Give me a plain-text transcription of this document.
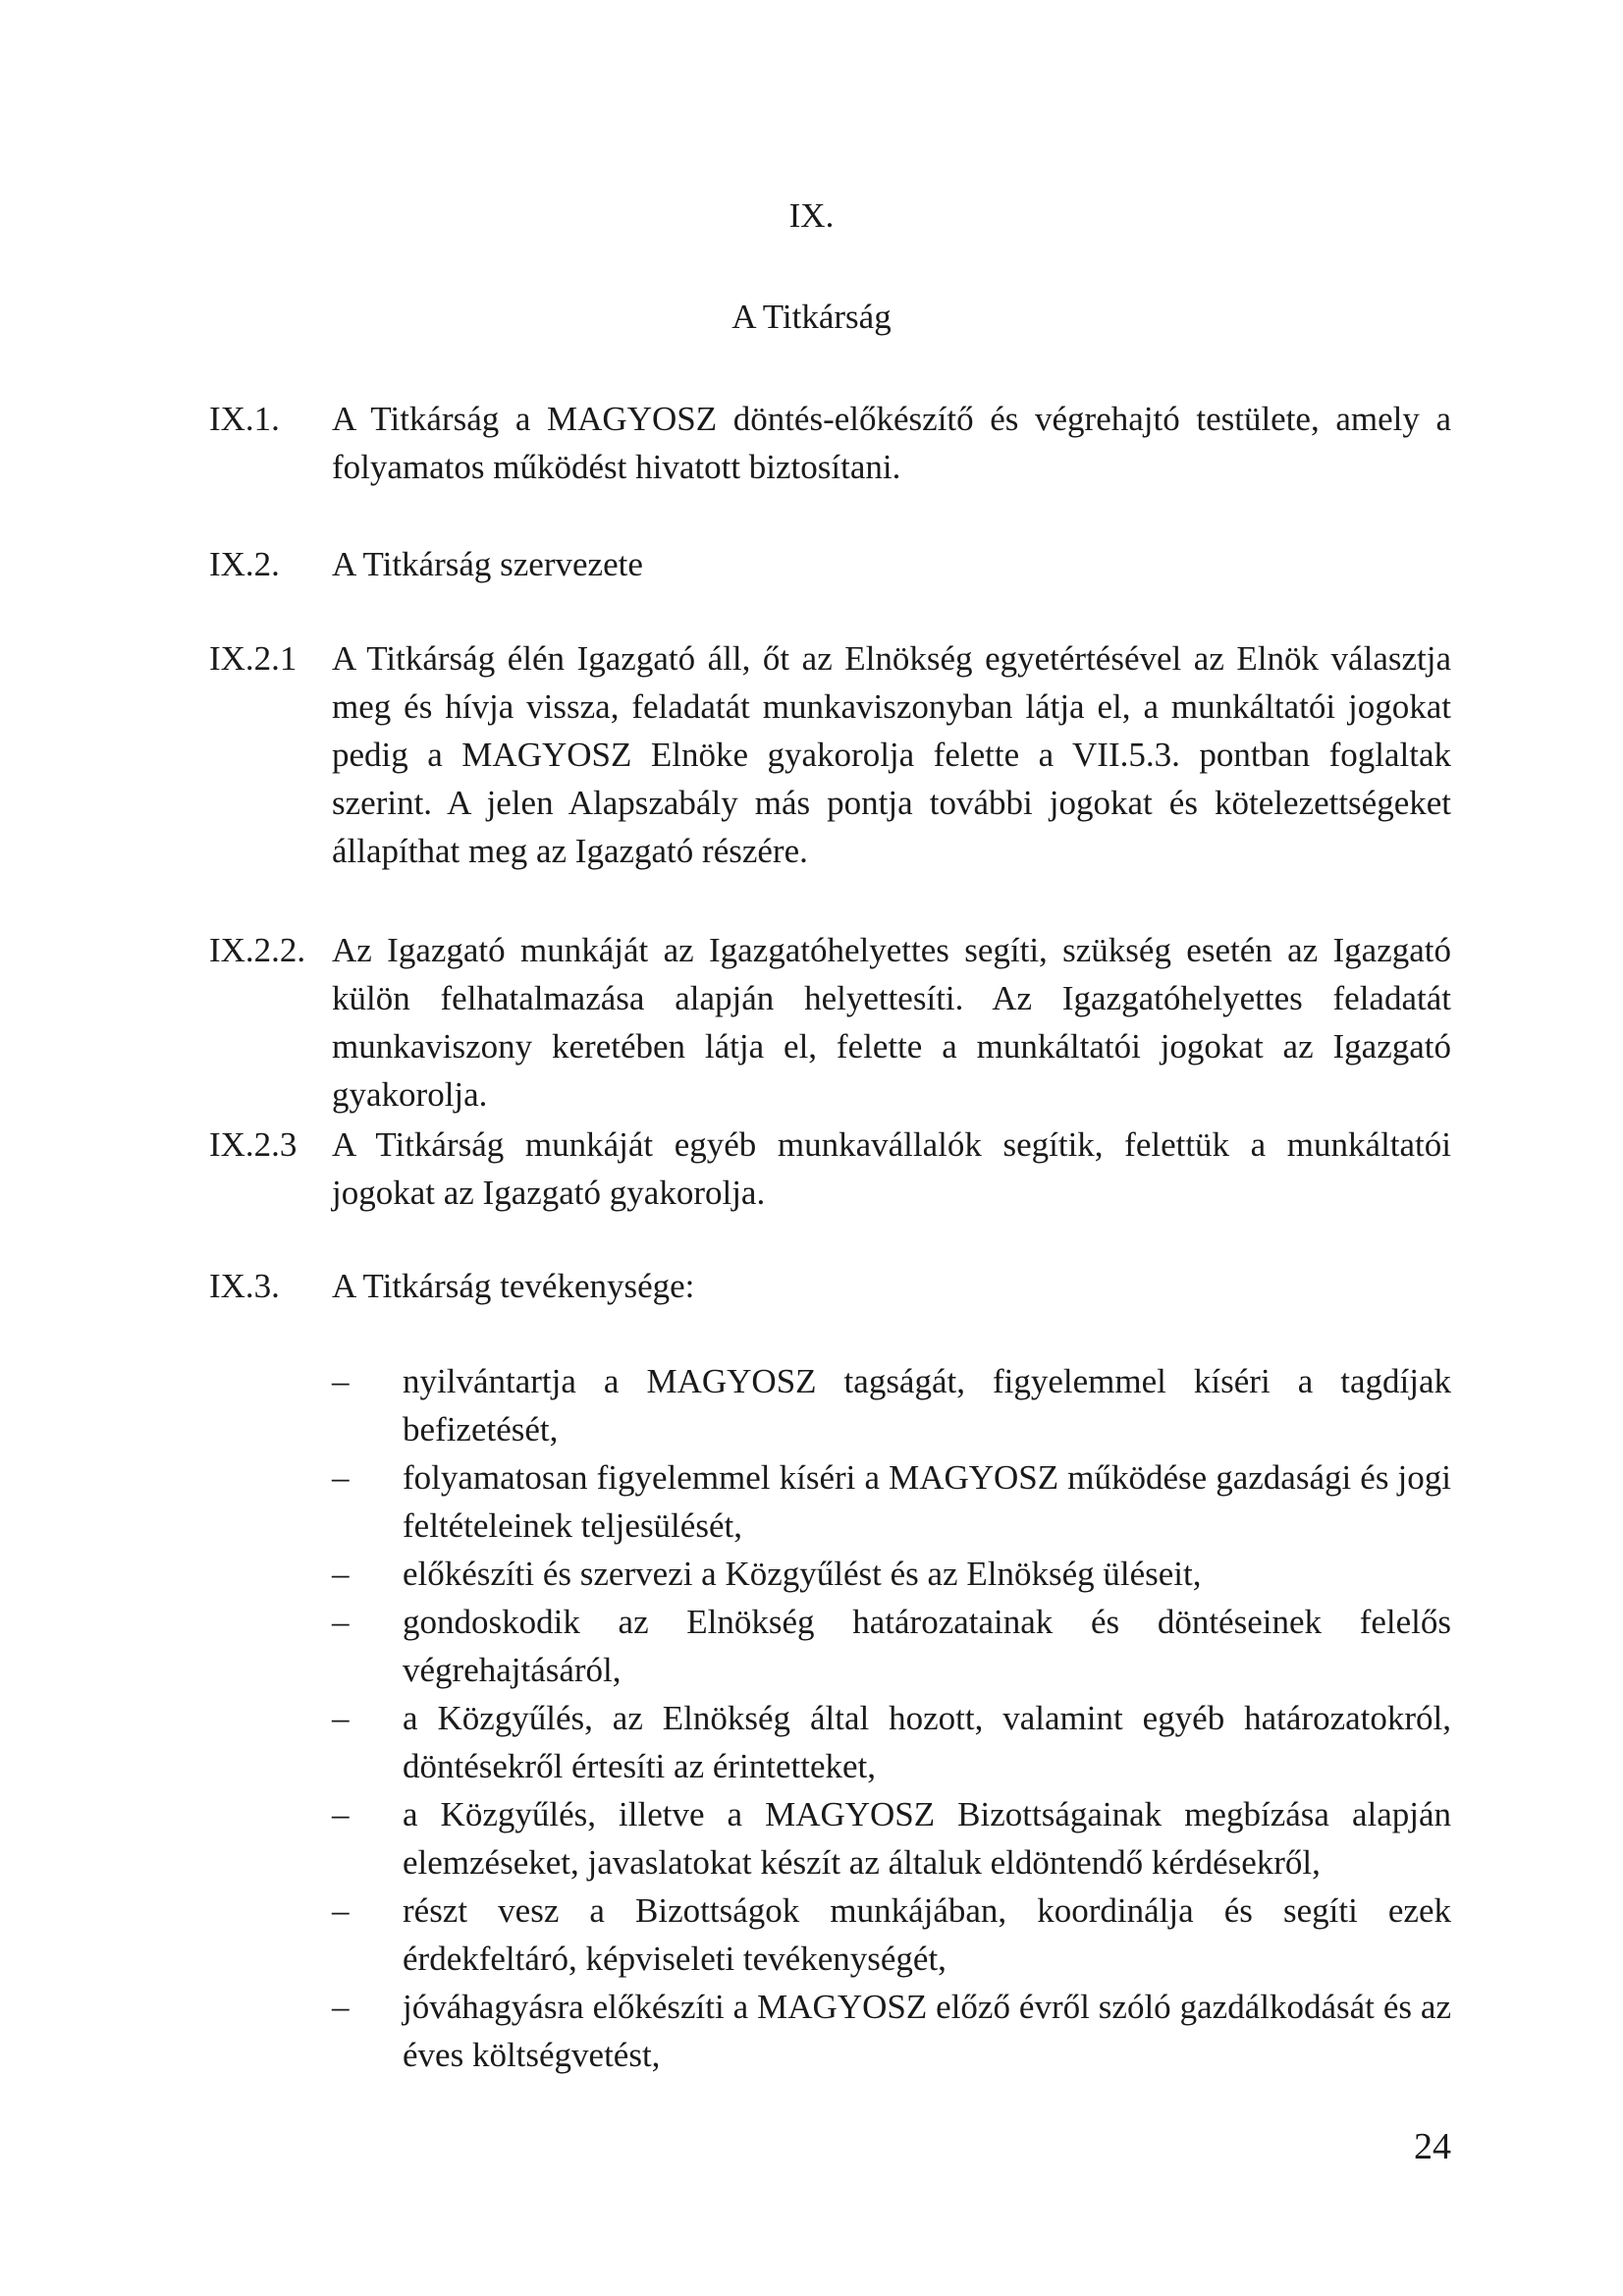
IX.
A Titkárság
IX.1. A Titkárság a MAGYOSZ döntés-előkészítő és végrehajtó testülete, amely a folyamatos működést hivatott biztosítani.
IX.2. A Titkárság szervezete
IX.2.1 A Titkárság élén Igazgató áll, őt az Elnökség egyetértésével az Elnök választja meg és hívja vissza, feladatát munkaviszonyban látja el, a munkáltatói jogokat pedig a MAGYOSZ Elnöke gyakorolja felette a VII.5.3. pontban foglaltak szerint. A jelen Alapszabály más pontja további jogokat és kötelezettségeket állapíthat meg az Igazgató részére.
IX.2.2. Az Igazgató munkáját az Igazgatóhelyettes segíti, szükség esetén az Igazgató külön felhatalmazása alapján helyettesíti. Az Igazgatóhelyettes feladatát munkaviszony keretében látja el, felette a munkáltatói jogokat az Igazgató gyakorolja.
IX.2.3 A Titkárság munkáját egyéb munkavállalók segítik, felettük a munkáltatói jogokat az Igazgató gyakorolja.
IX.3. A Titkárság tevékenysége:
– nyilvántartja a MAGYOSZ tagságát, figyelemmel kíséri a tagdíjak befizetését,
– folyamatosan figyelemmel kíséri a MAGYOSZ működése gazdasági és jogi feltételeinek teljesülését,
– előkészíti és szervezi a Közgyűlést és az Elnökség üléseit,
– gondoskodik az Elnökség határozatainak és döntéseinek felelős végrehajtásáról,
– a Közgyűlés, az Elnökség által hozott, valamint egyéb határozatokról, döntésekről értesíti az érintetteket,
– a Közgyűlés, illetve a MAGYOSZ Bizottságainak megbízása alapján elemzéseket, javaslatokat készít az általuk eldöntendő kérdésekről,
– részt vesz a Bizottságok munkájában, koordinálja és segíti ezek érdekfeltáró, képviseleti tevékenységét,
– jóváhagyásra előkészíti a MAGYOSZ előző évről szóló gazdálkodását és az éves költségvetést,
24
